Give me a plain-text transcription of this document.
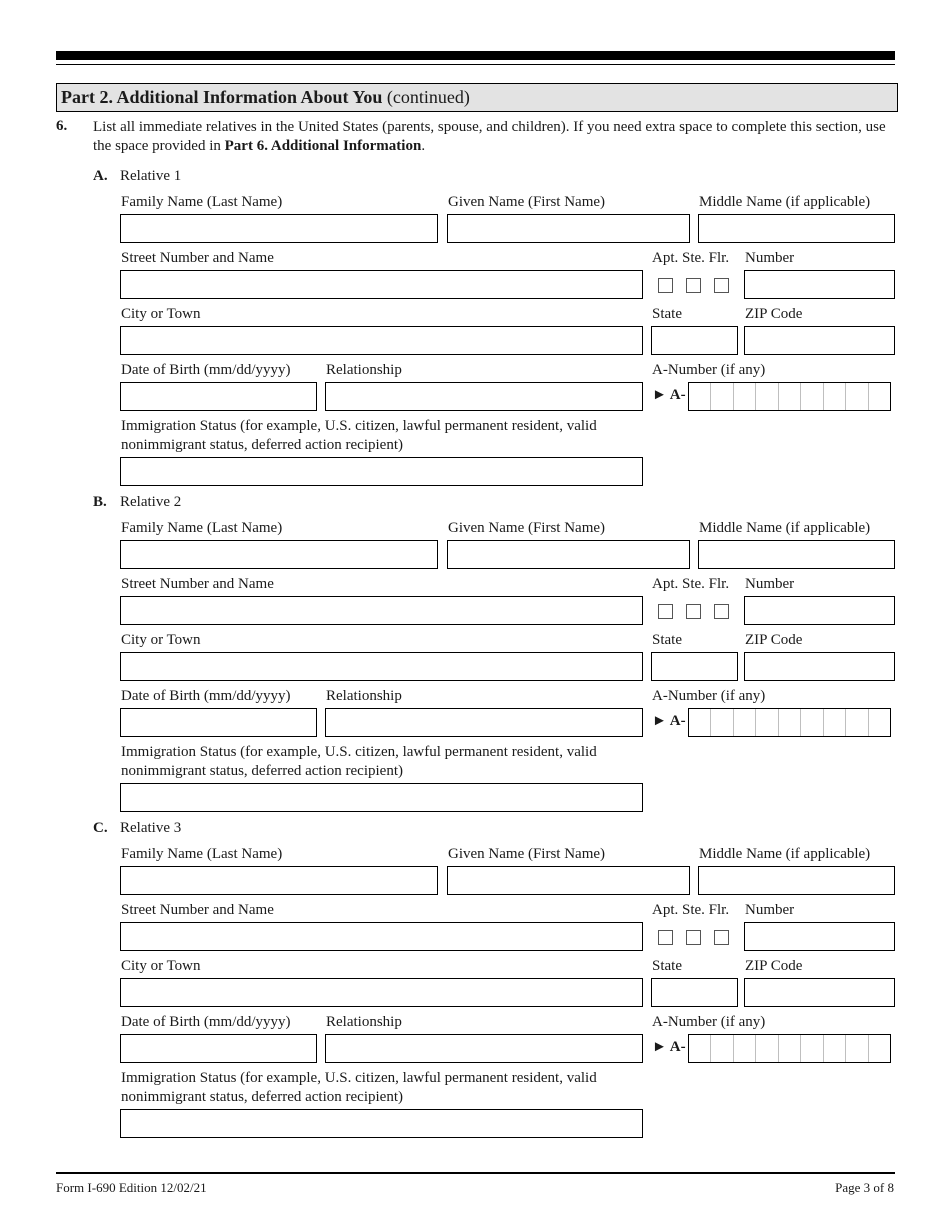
Part 2. Additional Information About You (continued)
6. List all immediate relatives in the United States (parents, spouse, and children). If you need extra space to complete this section, use the space provided in Part 6. Additional Information.
A. Relative 1
Family Name (Last Name)	Given Name (First Name)	Middle Name (if applicable)
Street Number and Name	Apt. Ste. Flr. Number
City or Town	State	ZIP Code
Date of Birth (mm/dd/yyyy) Relationship	A-Number (if any)
► A-
Immigration Status (for example, U.S. citizen, lawful permanent resident, valid
nonimmigrant status, deferred action recipient)
B. Relative 2
Family Name (Last Name)	Given Name (First Name)	Middle Name (if applicable)
Street Number and Name	Apt. Ste. Flr. Number
City or Town	State	ZIP Code
Date of Birth (mm/dd/yyyy) Relationship	A-Number (if any)
► A-
Immigration Status (for example, U.S. citizen, lawful permanent resident, valid
nonimmigrant status, deferred action recipient)
C. Relative 3
Family Name (Last Name)	Given Name (First Name)	Middle Name (if applicable)
Street Number and Name	Apt. Ste. Flr. Number
City or Town	State	ZIP Code
Date of Birth (mm/dd/yyyy) Relationship	A-Number (if any)
► A-
Immigration Status (for example, U.S. citizen, lawful permanent resident, valid
nonimmigrant status, deferred action recipient)
Form I-690 Edition 12/02/21	Page 3 of 8
